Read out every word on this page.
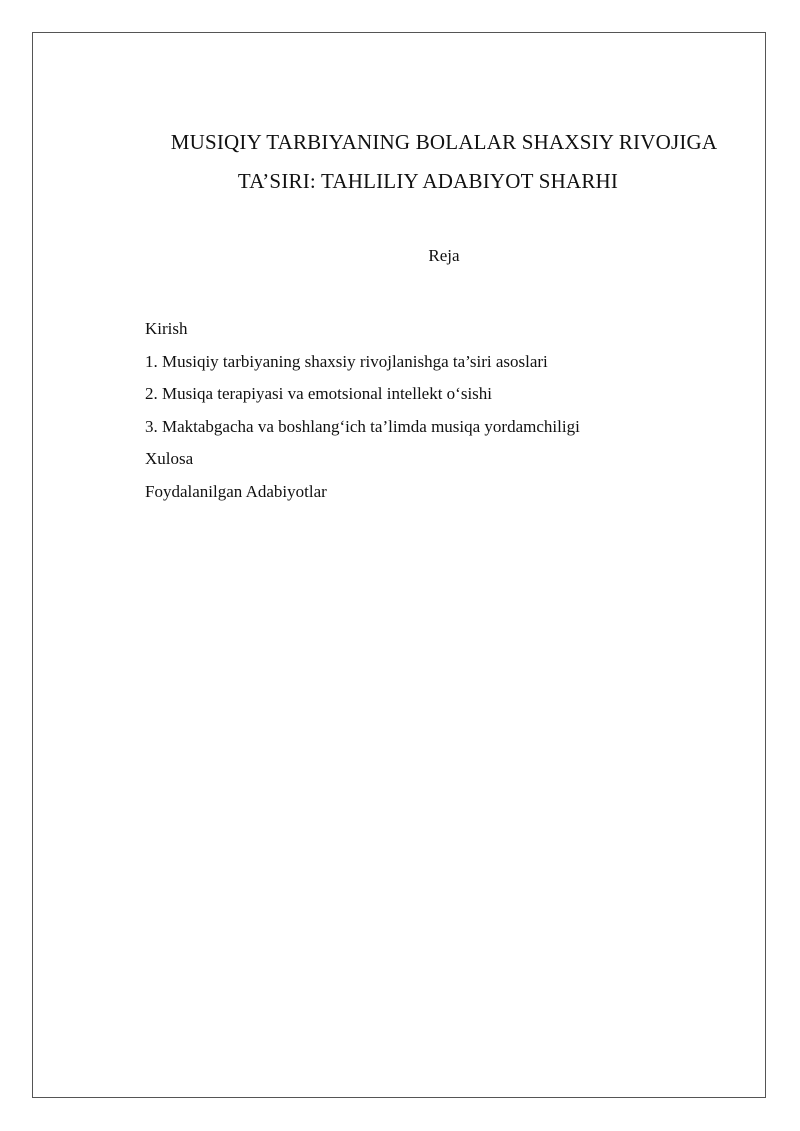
MUSIQIY TARBIYANING BOLALAR SHAXSIY RIVOJIGA
TA’SIRI: TAHLILIY ADABIYOT SHARHI
Reja
Kirish
1. Musiqiy tarbiyaning shaxsiy rivojlanishga ta’siri asoslari
2. Musiqa terapiyasi va emotsional intellekt o‘sishi
3. Maktabgacha va boshlang‘ich ta’limda musiqa yordamchiligi
Xulosa
Foydalanilgan Adabiyotlar
